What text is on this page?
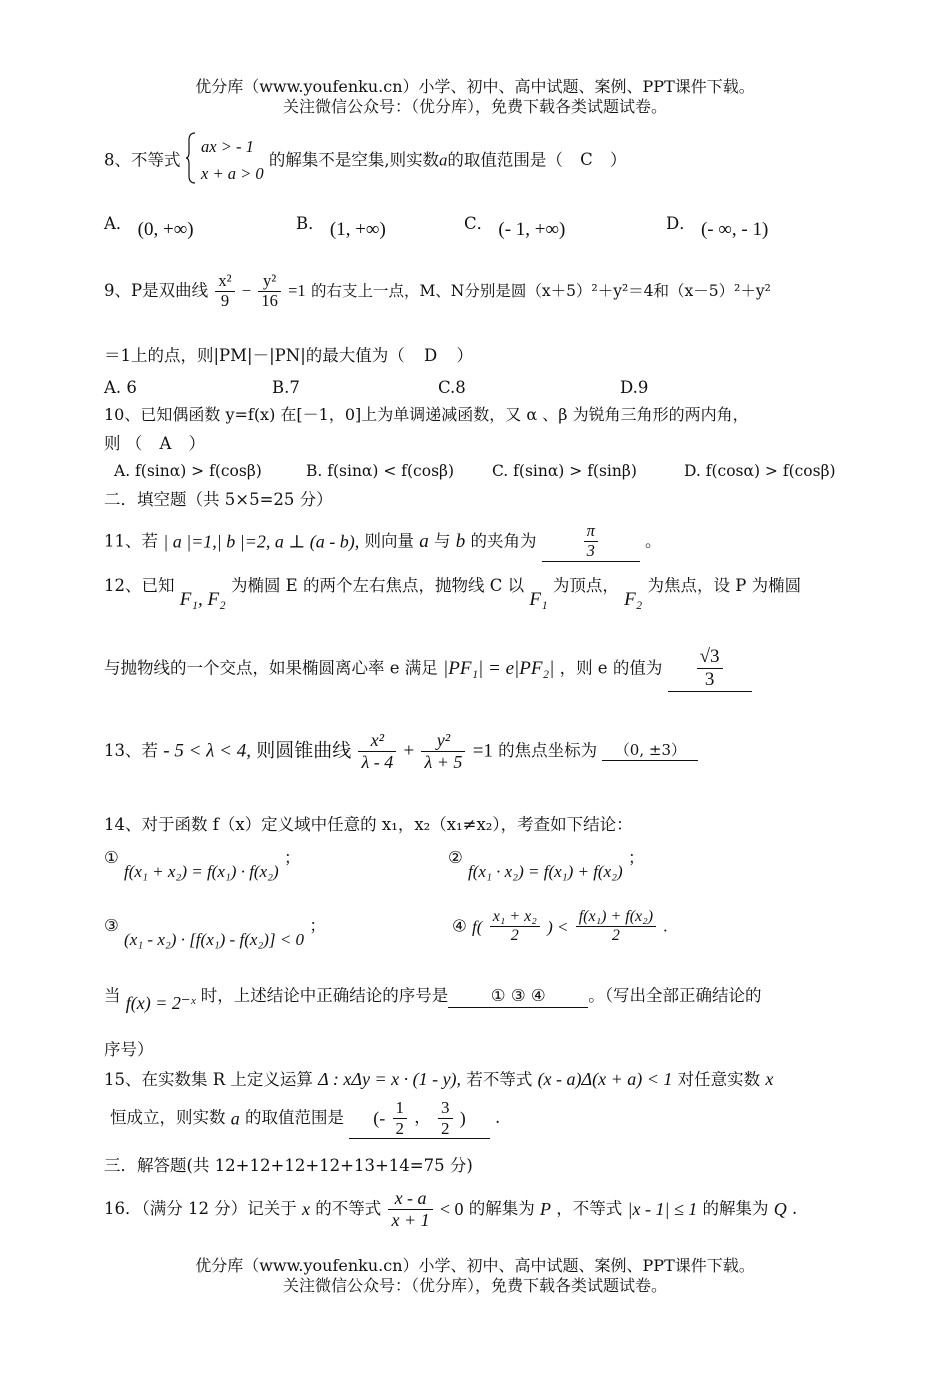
优分库（www.youfenku.cn）小学、初中、高中试题、案例、PPT课件下载。
关注微信公众号：（优分库），免费下载各类试题试卷。
8、不等式
ax > - 1
x + a > 0
的解集不是空集,则实数a的取值范围是（ C ）
A． (0, +∞)	B． (1, +∞)	C． (- 1, +∞)	D． (- ∞, - 1)
9、P是双曲线 $\frac{\text{x²}}{9} - \frac{\text{y²}}{16} =1$ 的右支上一点，M、N分别是圆（x＋5）²＋y²＝4和（x－5）²＋y²
＝1上的点，则|PM|－|PN|的最大值为（ D ）
A. 6	B.7	C.8	D.9
10、已知偶函数 y=f(x) 在[－1，0]上为单调递减函数，又 α 、β 为锐角三角形的两内角，
则 （ A ）
A. f(sinα) > f(cosβ)	B. f(sinα) < f(cosβ) C. f(sinα) > f(sinβ)	D. f(cosα) > f(cosβ)
二．填空题（共 5×5=25 分）
11、若 | a |=1,| b |=2, a ⊥ (a - b), 则向量 a 与 b 的夹角为	$\frac{\pi}{3}$	。
12、已知 F₁, F₂ 为椭圆 E 的两个左右焦点，抛物线 C 以 F₁ 为顶点， F₂ 为焦点，设 P 为椭圆
与抛物线的一个交点，如果椭圆离心率 e 满足 |PF₁| = e|PF₂| ，则 e 的值为 $\frac{√3}{3}$
13、若 - 5 < λ < 4, 则圆锥曲线 $\frac{\text{x²}}{\lambda - 4} + \frac{\text{y²}}{\lambda + 5} =1$ 的焦点坐标为 （0, ±3）
14、对于函数 f（x）定义域中任意的 x₁，x₂（x₁≠x₂），考查如下结论：
① f(x₁ + x₂) = f(x₁) · f(x₂) ；	② f(x₁ · x₂) = f(x₁) + f(x₂) ；
③ (x₁ - x₂) · [f(x₁) - f(x₂)] < 0 ；	④ $f( \frac{\text{x₁ + x₂}}{2}$ ) < $\frac{\text{f(x₁) + f(x₂)}}{2}$ .
当 f(x) = 2⁻ˣ 时，上述结论中正确结论的序号是	① ③ ④	。（写出全部正确结论的
序号）
15、在实数集 R 上定义运算 Δ : xΔy = x · (1 - y), 若不等式 (x - a)Δ(x + a) < 1 对任意实数 x
恒成立，则实数 a 的取值范围是 (- $\frac{1}{2}$ ， $\frac{3}{2}$ ) .
三．解答题(共 12+12+12+12+13+14=75 分)
16．（满分 12 分）记关于 x 的不等式 $\frac{x - a}{x + 1} < 0$ 的解集为 P ，不等式 |x - 1| ≤ 1 的解集为 Q .
优分库（www.youfenku.cn）小学、初中、高中试题、案例、PPT课件下载。
关注微信公众号：（优分库），免费下载各类试题试卷。
